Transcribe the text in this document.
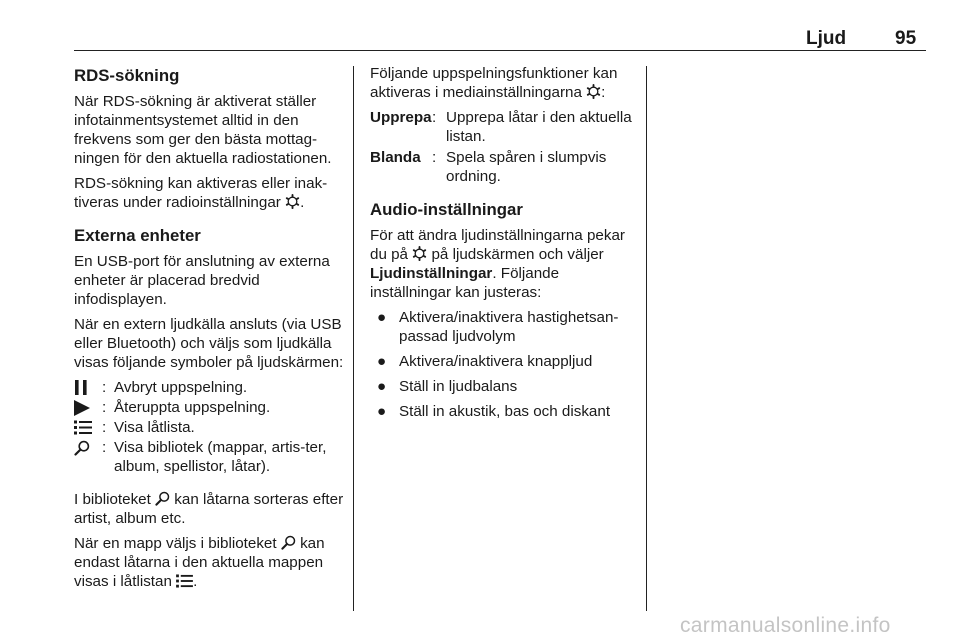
Ljud	95
RDS-sökning

När RDS-sökning är aktiverat ställer infotainmentsystemet alltid in den frekvens som ger den bästa mottag-ningen för den aktuella radiostationen.

RDS-sökning kan aktiveras eller inak-tiveras under radioinställningar .

Externa enheter

En USB-port för anslutning av externa enheter är placerad bredvid infodisplayen.

När en extern ljudkälla ansluts (via USB eller Bluetooth) och väljs som ljudkälla visas följande symboler på ljudskärmen:

: Avbryt uppspelning.
: Återuppta uppspelning.
: Visa låtlista.
: Visa bibliotek (mappar, artis-ter, album, spellistor, låtar).

I biblioteket kan låtarna sorteras efter artist, album etc.

När en mapp väljs i biblioteket kan endast låtarna i den aktuella mappen visas i låtlistan .

Följande uppspelningsfunktioner kan aktiveras i mediainställningarna :

Upprepa : Upprepa låtar i den aktuella listan.
Blanda : Spela spåren i slumpvis ordning.
Audio-inställningar

För att ändra ljudinställningarna pekar du på på ljudskärmen och väljer Ljudinställningar. Följande inställningar kan justeras:

● Aktivera/inaktivera hastighetsan-passad ljudvolym
● Aktivera/inaktivera knappljud
● Ställ in ljudbalans
● Ställ in akustik, bas och diskant
carmanualsonline.info
